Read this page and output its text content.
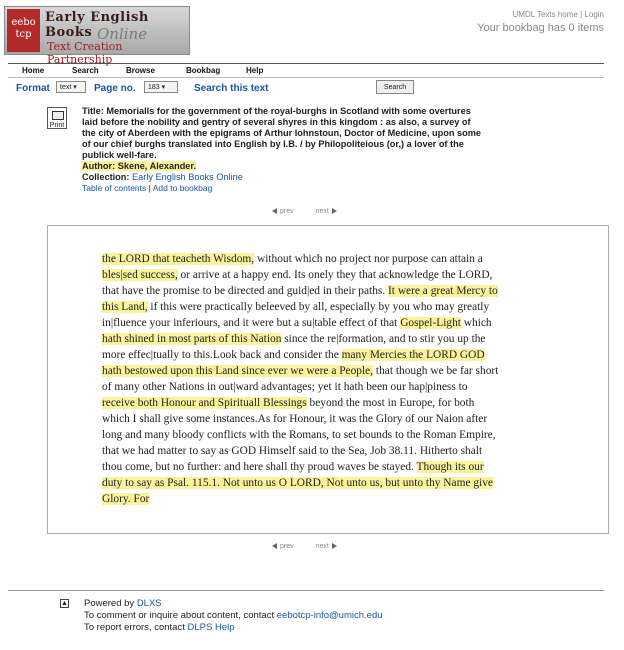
eebo tcp
Early English Books Online
Text Creation Partnership
UMDL Texts home | Login
Your bookbag has 0 items
Home	Search	Browse	Bookbag	Help
Format	text ▾	Page no.	183 ▾	Search this text	Search
Print
Title: Memorialls for the government of the royal-burghs in Scotland with some overtures
laid before the nobility and gentry of several shyres in this kingdom : as also, a survey of
the city of Aberdeen with the epigrams of Arthur Iohnstoun, Doctor of Medicine, upon some
of our chief burghs translated into English by I.B. / by Philopoliteious (or,) a lover of the
publick well-fare.
Author: Skene, Alexander.
Collection: Early English Books Online
Table of contents | Add to bookbag
prev	next
the LORD that teacheth Wisdom, without which no project nor purpose can attain a
bles|sed success, or arrive at a happy end. Its onely they that acknowledge the LORD,
that have the promise to be directed and guid|ed in their paths. It were a great Mercy to
this Land, if this were practically beleeved by all, especially by you who may greatly
in|fluence your inferiours, and it were but a su|table effect of that Gospel-Light which
hath shined in most parts of this Nation since the re|formation, and to stir you up the
more effec|tually to this.Look back and consider the many Mercies the LORD GOD
hath bestowed upon this Land since ever we were a People, that though we be far short
of many other Nations in out|ward advantages; yet it hath been our hap|piness to
receive both Honour and Spirituall Blessings beyond the most in Europe, for both
which I shall give some instances.As for Honour, it was the Glory of our Naion after
long and many bloody conflicts with the Romans, to set bounds to the Roman Empire,
that we had matter to say as GOD Himself said to the Sea, Job 38.11. Hitherto shalt
thou come, but no further: and here shall thy proud waves be stayed. Though its our
duty to say as Psal. 115.1. Not unto us O LORD, Not unto us, but unto thy Name give
Glory. For
prev	next
▲ Powered by DLXS
To comment or inquire about content, contact eebotcp-info@umich.edu
To report errors, contact DLPS Help
